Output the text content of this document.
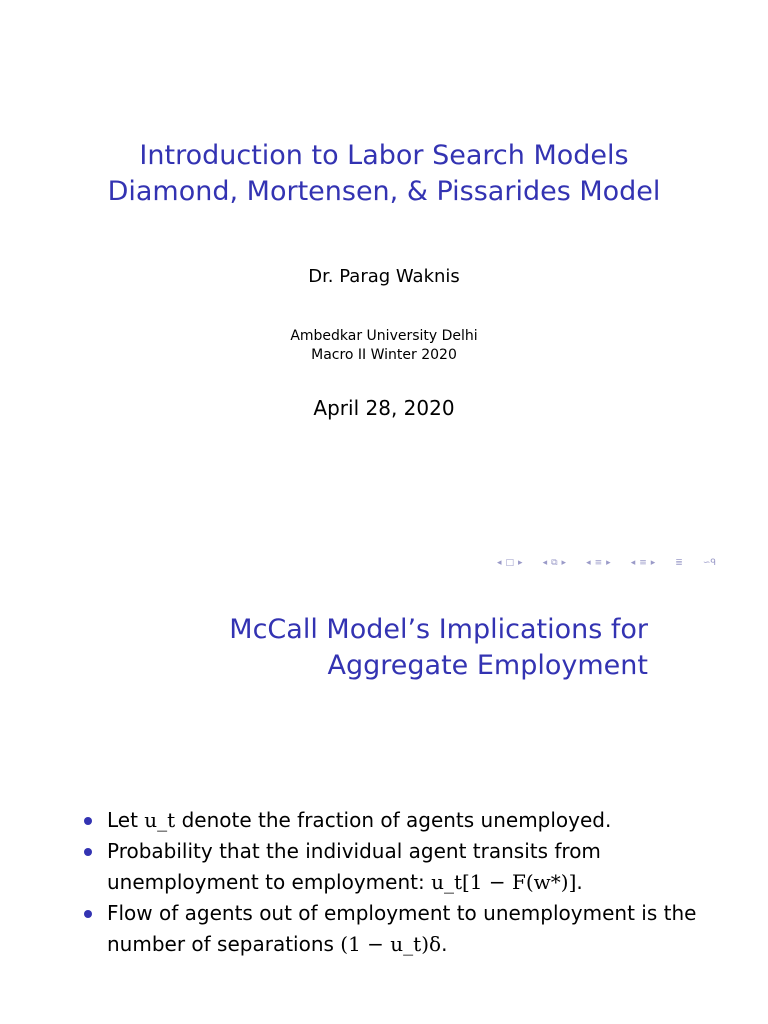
Introduction to Labor Search Models
Diamond, Mortensen, & Pissarides Model
Dr. Parag Waknis
Ambedkar University Delhi
Macro II Winter 2020
April 28, 2020
◂ □ ▸ ◂ ⧉ ▸ ◂ ≡ ▸ ◂ ≡ ▸ ≣ ∽ᑫ
McCall Model’s Implications for
Aggregate Employment
Let u_t denote the fraction of agents unemployed.
Probability that the individual agent transits from unemployment to employment: u_t[1 − F(w*)].
Flow of agents out of employment to unemployment is the number of separations (1 − u_t)δ.
